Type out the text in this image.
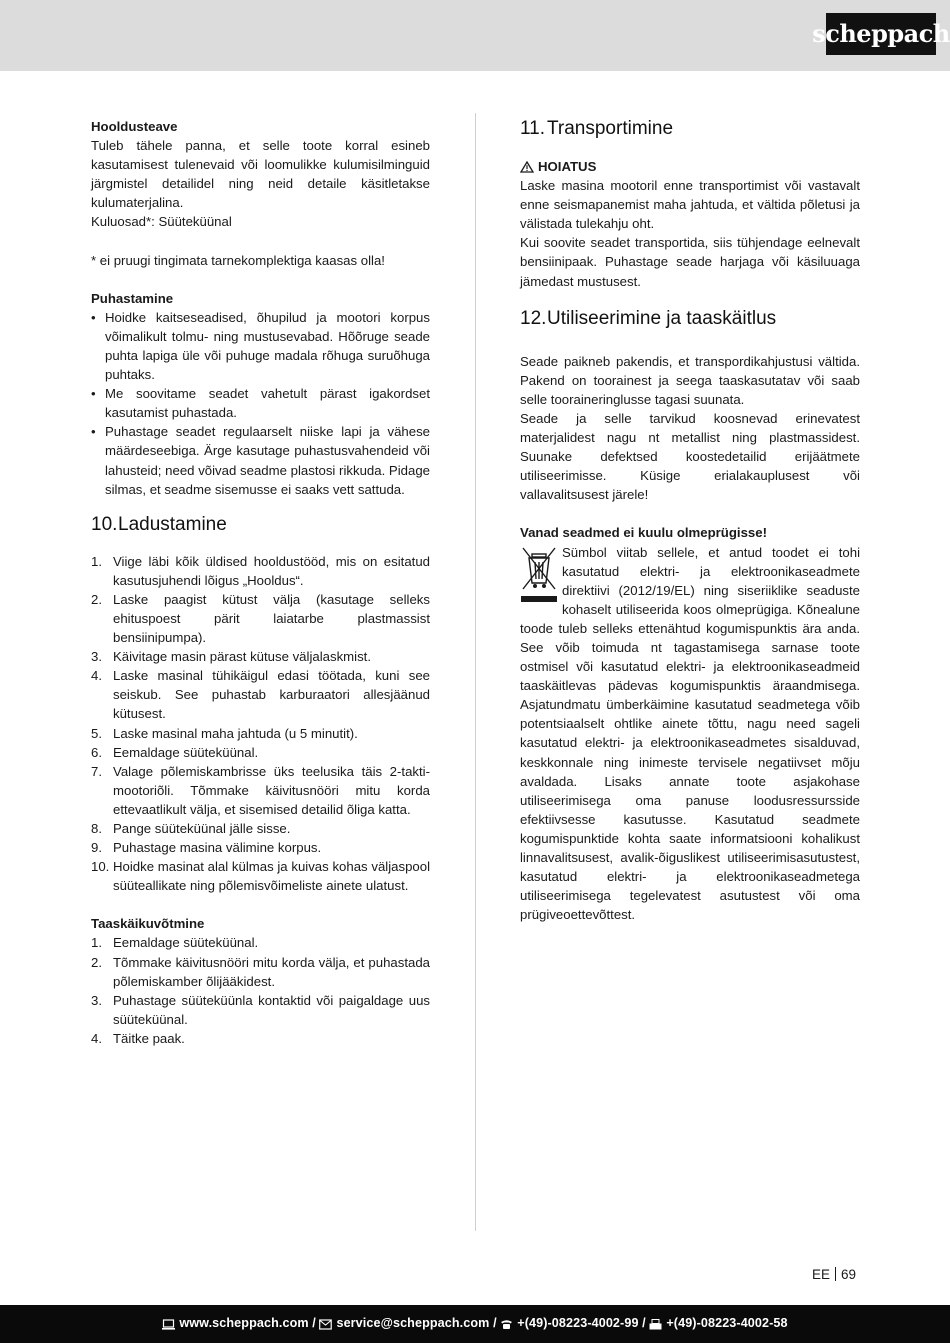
scheppach

Hooldusteave

Tuleb tähele panna, et selle toote korral esineb kasutamisest tulenevaid või loomulikke kulumisilminguid järgmistel detailidel ning neid detaile käsitletakse kulumaterjalina.

Kuluosad*: Süüteküünal

* ei pruugi tingimata tarnekomplektiga kaasas olla!

Puhastamine

• Hoidke kaitseseadised, õhupilud ja mootori korpus võimalikult tolmu- ning mustusevabad. Hõõruge seade puhta lapiga üle või puhuge madala rõhuga suruõhuga puhtaks.
• Me soovitame seadet vahetult pärast igakordset kasutamist puhastada.
• Puhastage seadet regulaarselt niiske lapi ja vähese määrdeseebiga. Ärge kasutage puhastusvahendeid või lahusteid; need võivad seadme plastosi rikkuda. Pidage silmas, et seadme sisemusse ei saaks vett sattuda.
10.Ladustamine
1. Viige läbi kõik üldised hooldustööd, mis on esitatud kasutusjuhendi lõigus „Hooldus“.
2. Laske paagist kütust välja (kasutage selleks ehituspoest pärit laiatarbe plastmassist bensiinipumpa).
3. Käivitage masin pärast kütuse väljalaskmist.
4. Laske masinal tühikäigul edasi töötada, kuni see seiskub. See puhastab karburaatori allesjäänud kütusest.
5. Laske masinal maha jahtuda (u 5 minutit).
6. Eemaldage süüteküünal.
7. Valage põlemiskambrisse üks teelusika täis 2-takti-mootoriõli. Tõmmake käivitusnööri mitu korda ettevaatlikult välja, et sisemised detailid õliga katta.
8. Pange süüteküünal jälle sisse.
9. Puhastage masina välimine korpus.
10. Hoidke masinat alal külmas ja kuivas kohas väljaspool süüteallikate ning põlemisvõimeliste ainete ulatust.

Taaskäikuvõtmine

1. Eemaldage süüteküünal.
2. Tõmmake käivitusnööri mitu korda välja, et puhastada põlemiskamber õlijääkidest.
3. Puhastage süüteküünla kontaktid või paigaldage uus süüteküünal.
4. Täitke paak.
11. Transportimine
HOIATUS

Laske masina mootoril enne transportimist või vastavalt enne seismapanemist maha jahtuda, et vältida põletusi ja välistada tulekahju oht.

Kui soovite seadet transportida, siis tühjendage eelnevalt bensiinipaak. Puhastage seade harjaga või käsiluuaga jämedast mustusest.

12.Utiliseerimine ja taaskäitlus

Seade paikneb pakendis, et transpordikahjustusi vältida. Pakend on toorainest ja seega taaskasutatav või saab selle tooraineringlusse tagasi suunata.

Seade ja selle tarvikud koosnevad erinevatest materjalidest nagu nt metallist ning plastmassidest. Suunake defektsed koostedetailid erijäätmete utiliseerimisse. Küsige erialakauplusest või vallavalitsusest järele!

Vanad seadmed ei kuulu olmeprügisse!

Sümbol viitab sellele, et antud toodet ei tohi kasutatud elektri- ja elektroonikaseadmete direktiivi (2012/19/EL) ning siseriiklike seaduste kohaselt utiliseerida koos olmeprügiga. Kõnealune toode tuleb selleks ettenähtud kogumispunktis ära anda. See võib toimuda nt tagastamisega sarnase toote ostmisel või kasutatud elektri- ja elektroonikaseadmeid taaskäitlevas pädevas kogumispunktis äraandmisega. Asjatundmatu ümberkäimine kasutatud seadmetega võib potentsiaalselt ohtlike ainete tõttu, nagu need sageli kasutatud elektri- ja elektroonikaseadmetes sisalduvad, keskkonnale ning inimeste tervisele negatiivset mõju avaldada. Lisaks annate toote asjakohase utiliseerimisega oma panuse loodusressursside efektiivsesse kasutusse. Kasutatud seadmete kogumispunktide kohta saate informatsiooni kohalikust linnavalitsusest, avalik-õiguslikest utiliseerimisasutustest, kasutatud elektri- ja elektroonikaseadmetega utiliseerimisega tegelevatest asutustest või oma prügiveoettevõttest.

EE 69
www.scheppach.com / service@scheppach.com / +(49)-08223-4002-99 / +(49)-08223-4002-58
